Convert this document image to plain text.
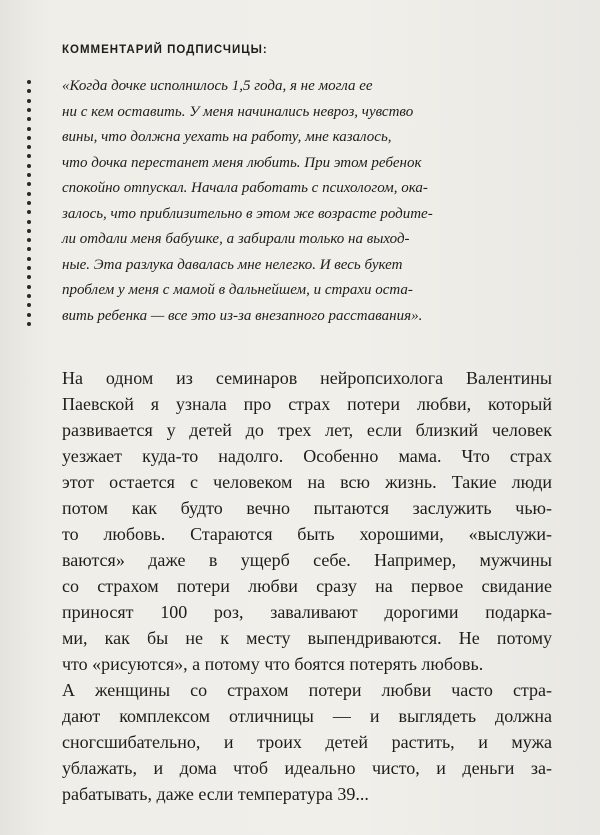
КОММЕНТАРИЙ ПОДПИСЧИЦЫ:
«Когда дочке исполнилось 1,5 года, я не могла ее
ни с кем оставить. У меня начинались невроз, чувство
вины, что должна уехать на работу, мне казалось,
что дочка перестанет меня любить. При этом ребенок
спокойно отпускал. Начала работать с психологом, ока-
залось, что приблизительно в этом же возрасте родите-
ли отдали меня бабушке, а забирали только на выход-
ные. Эта разлука давалась мне нелегко. И весь букет
проблем у меня с мамой в дальнейшем, и страхи оста-
вить ребенка — все это из-за внезапного расставания».
На одном из семинаров нейропсихолога Валентины
Паевской я узнала про страх потери любви, который
развивается у детей до трех лет, если близкий человек
уезжает куда-то надолго. Особенно мама. Что страх
этот остается с человеком на всю жизнь. Такие люди
потом как будто вечно пытаются заслужить чью-
то любовь. Стараются быть хорошими, «выслужи-
ваются» даже в ущерб себе. Например, мужчины
со страхом потери любви сразу на первое свидание
приносят 100 роз, заваливают дорогими подарка-
ми, как бы не к месту выпендриваются. Не потому
что «рисуются», а потому что боятся потерять любовь.
А женщины со страхом потери любви часто стра-
дают комплексом отличницы — и выглядеть должна
сногсшибательно, и троих детей растить, и мужа
ублажать, и дома чтоб идеально чисто, и деньги за-
рабатывать, даже если температура 39...
